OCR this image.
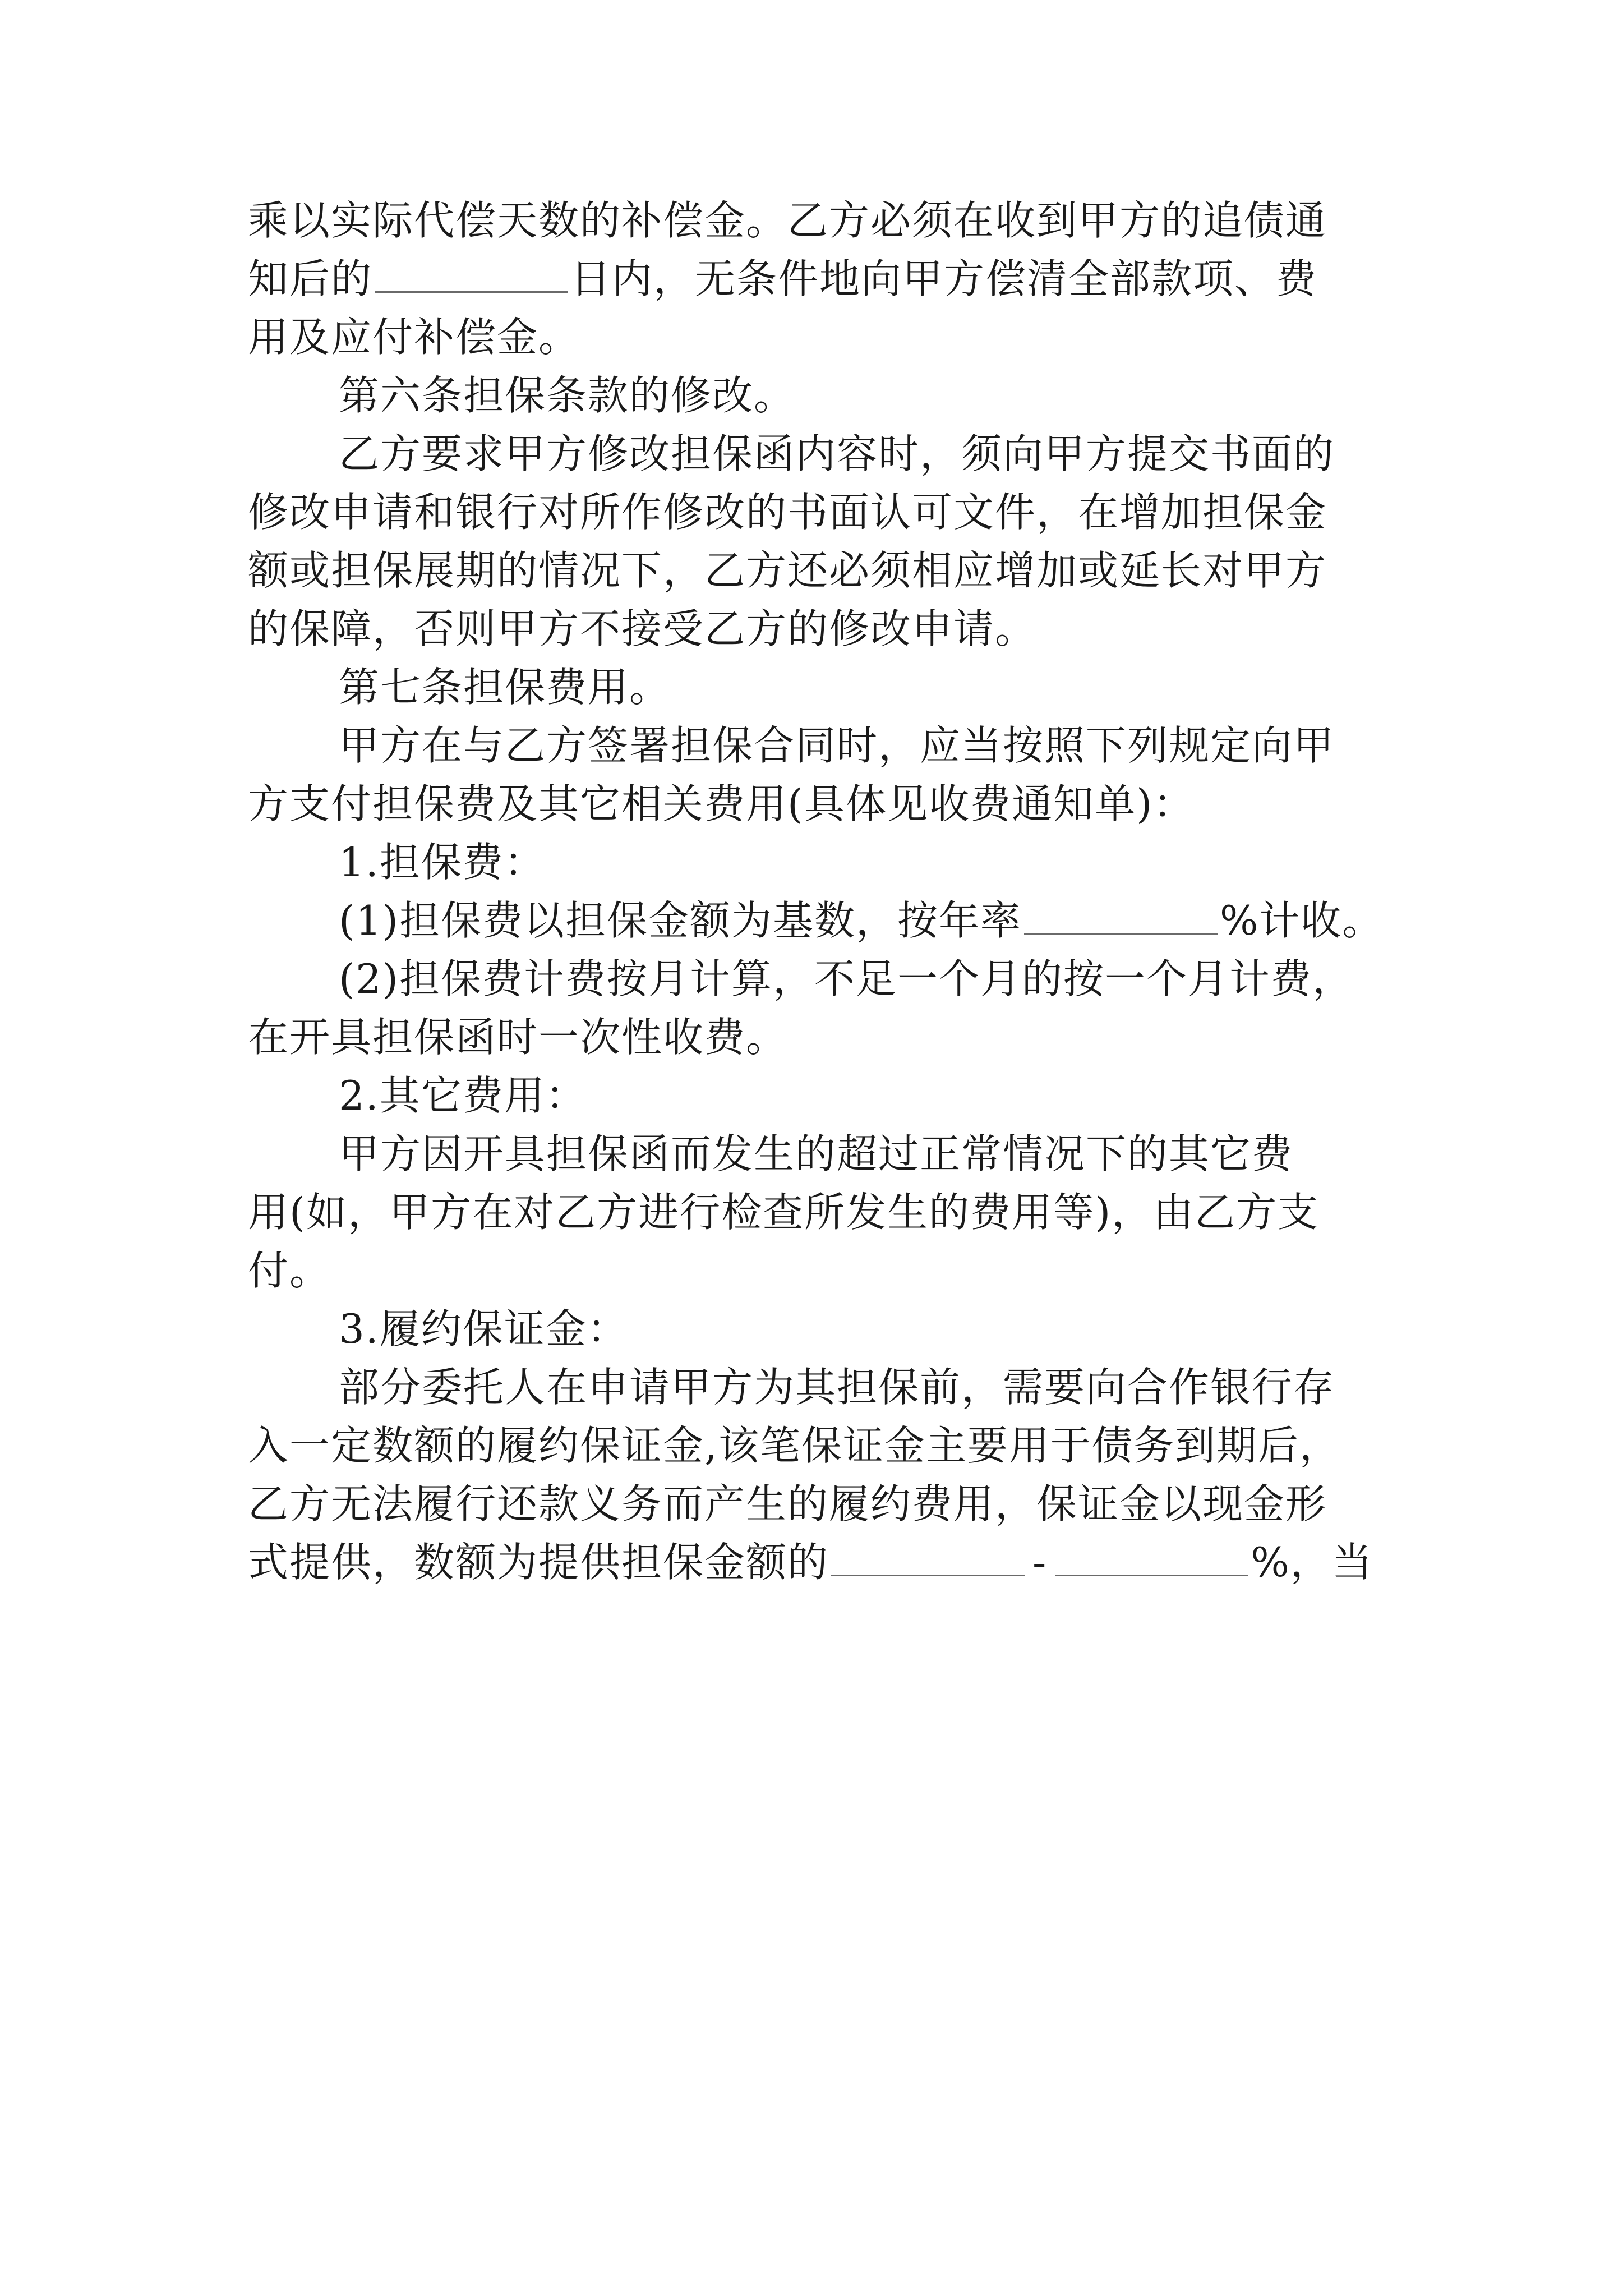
乘以实际代偿天数的补偿金。乙方必须在收到甲方的追债通
知后的	日内，无条件地向甲方偿清全部款项、费
用及应付补偿金。
第六条担保条款的修改。
乙方要求甲方修改担保函内容时，须向甲方提交书面的
修改申请和银行对所作修改的书面认可文件，在增加担保金
额或担保展期的情况下，乙方还必须相应增加或延长对甲方
的保障，否则甲方不接受乙方的修改申请。
第七条担保费用。
甲方在与乙方签署担保合同时，应当按照下列规定向甲
方支付担保费及其它相关费用(具体见收费通知单)：
1.担保费：
(1)担保费以担保金额为基数，按年率	%计收。
(2)担保费计费按月计算，不足一个月的按一个月计费，
在开具担保函时一次性收费。
2.其它费用：
甲方因开具担保函而发生的超过正常情况下的其它费
用(如，甲方在对乙方进行检查所发生的费用等)，由乙方支
付。
3.履约保证金：
部分委托人在申请甲方为其担保前，需要向合作银行存
入一定数额的履约保证金,该笔保证金主要用于债务到期后，
乙方无法履行还款义务而产生的履约费用，保证金以现金形
式提供，数额为提供担保金额的	-	%，当
